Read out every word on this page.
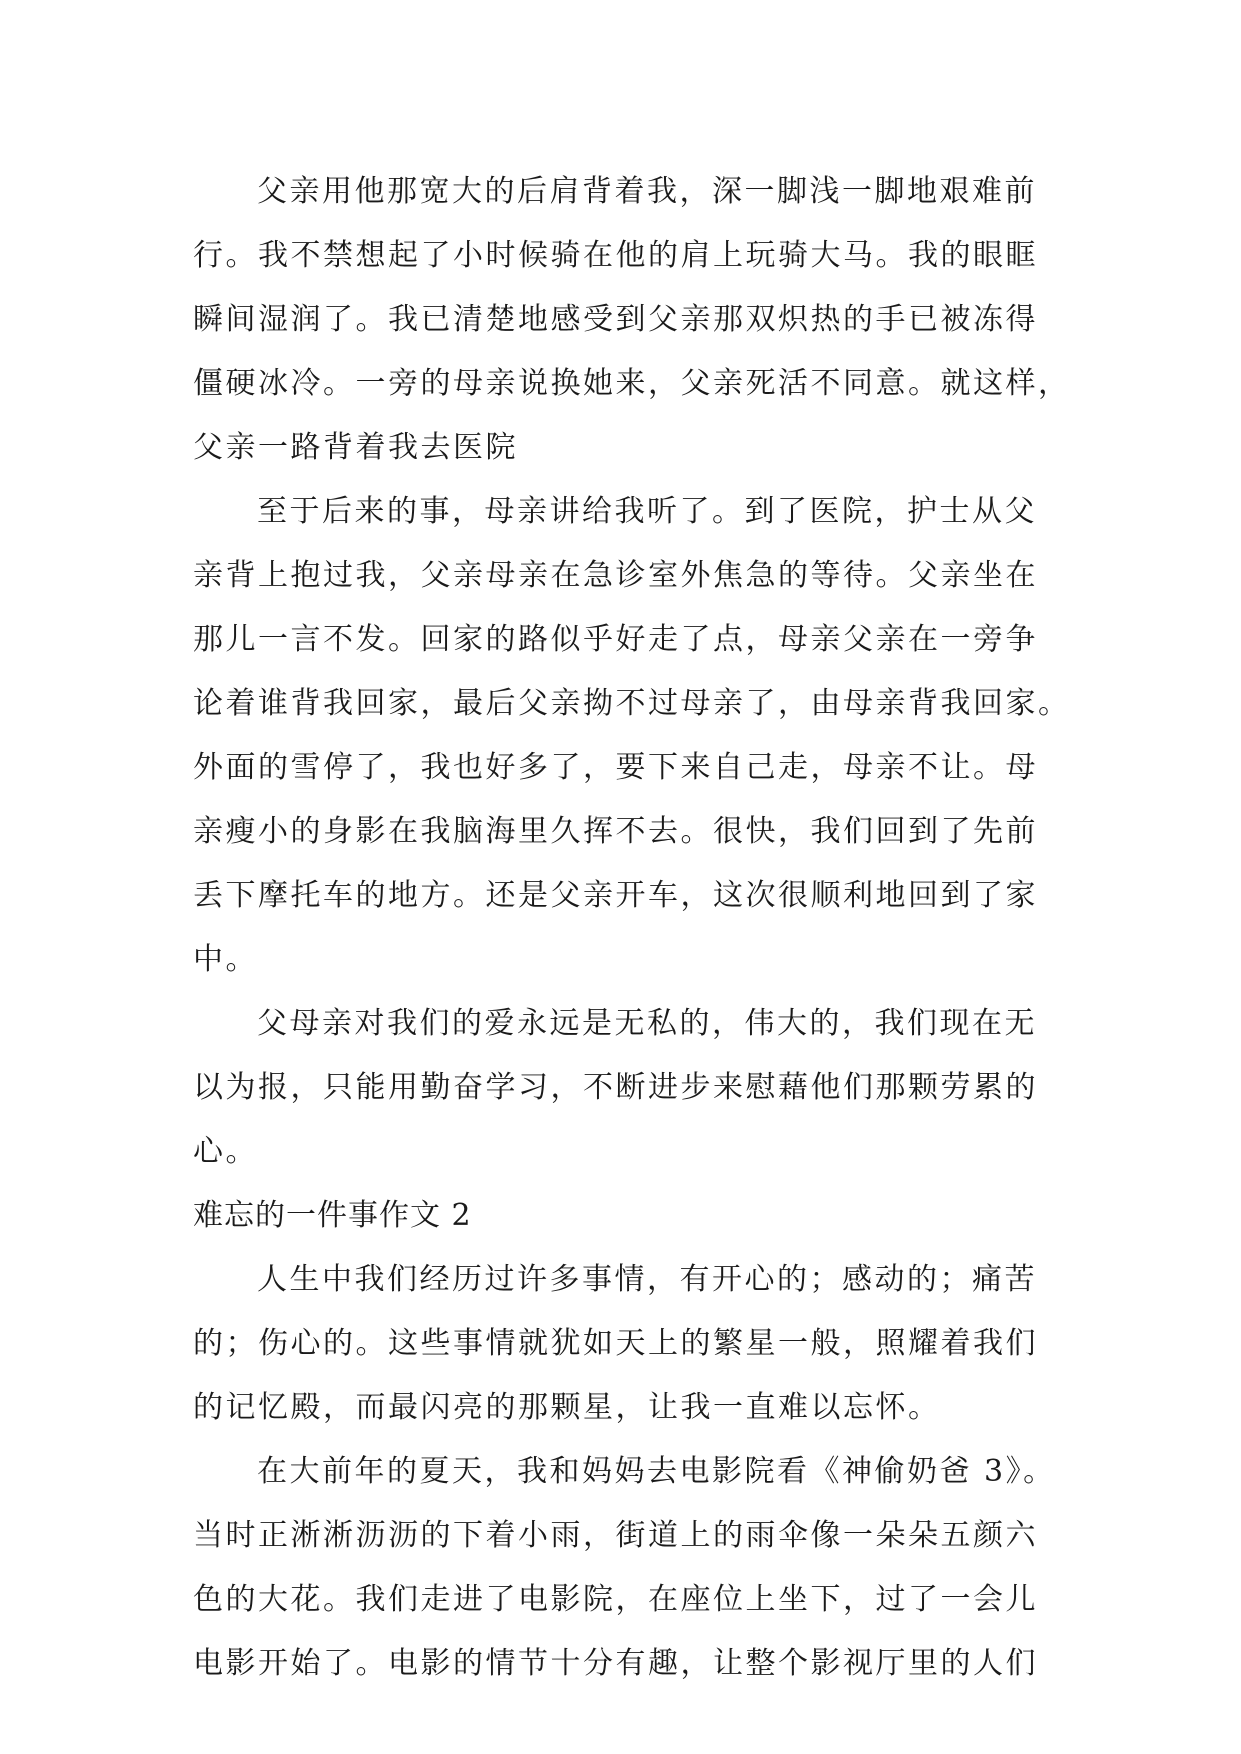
父亲用他那宽大的后肩背着我，深一脚浅一脚地艰难前
行。我不禁想起了小时候骑在他的肩上玩骑大马。我的眼眶
瞬间湿润了。我已清楚地感受到父亲那双炽热的手已被冻得
僵硬冰冷。一旁的母亲说换她来，父亲死活不同意。就这样，
父亲一路背着我去医院
至于后来的事，母亲讲给我听了。到了医院，护士从父
亲背上抱过我，父亲母亲在急诊室外焦急的等待。父亲坐在
那儿一言不发。回家的路似乎好走了点，母亲父亲在一旁争
论着谁背我回家，最后父亲拗不过母亲了，由母亲背我回家。
外面的雪停了，我也好多了，要下来自己走，母亲不让。母
亲瘦小的身影在我脑海里久挥不去。很快，我们回到了先前
丢下摩托车的地方。还是父亲开车，这次很顺利地回到了家
中。
父母亲对我们的爱永远是无私的，伟大的，我们现在无
以为报，只能用勤奋学习，不断进步来慰藉他们那颗劳累的
心。
难忘的一件事作文 2
人生中我们经历过许多事情，有开心的；感动的；痛苦
的；伤心的。这些事情就犹如天上的繁星一般，照耀着我们
的记忆殿，而最闪亮的那颗星，让我一直难以忘怀。
在大前年的夏天，我和妈妈去电影院看《神偷奶爸 3》。
当时正淅淅沥沥的下着小雨，街道上的雨伞像一朵朵五颜六
色的大花。我们走进了电影院，在座位上坐下，过了一会儿
电影开始了。电影的情节十分有趣，让整个影视厅里的人们
